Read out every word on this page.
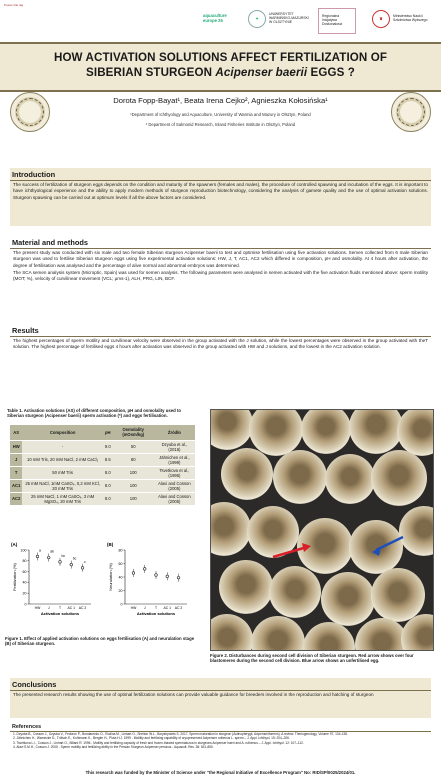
Poster title tag
aquaculture europe 25	✦
UNIWERSYTET WARMIŃSKO-MAZURSKI W OLSZTYNIE
Regionalna Inicjatywa Doskonałości
♛	Ministerstwo Nauki i Szkolnictwa Wyższego
HOW ACTIVATION SOLUTIONS AFFECT FERTILIZATION OF
SIBERIAN STURGEON Acipenser baerii EGGS ?
Dorota Fopp-Bayat¹, Beata Irena Cejko², Agnieszka Kołosińska¹
¹Department of Ichthyology and Aquaculture, University of Warmia and Mazury in Olsztyn, Poland
² Department of Salmonid Research, Inland Fisheries Institute in Olsztyn, Poland
Introduction
The success of fertilization of sturgeon eggs depends on the condition and maturity of the spawners (females and males), the procedure of controlled spawning and incubation of the eggs. It is important to have ichthyological experience and the ability to apply modern methods of sturgeon reproduction biotechnology, considering the analysis of gamete quality and the use of optimal activation solutions. Sturgeon spawning can be carried out at optimum levels if all the above factors are considered.
Material and methods
The present study was conducted with six male and two female Siberian sturgeon Acipenser baerii to test and optimise fertilisation using five activation solutions. Semen collected from 6 male Siberian sturgeon was used to fertilise Siberian sturgeon eggs using five experimental activation solutions: HW, J, T, AC1, AC2 which differed in composition, pH and osmolality. At 4 hours after activation, the degree of fertilisation was analysed and the percentage of alive normal and abnormal embryos was determined.
The SCA semen analysis system (Microptic, Spain) was used for semen analysis. The following parameters were analysed in semen activated with the five activation fluids mentioned above: sperm motility (MOT; %), velocity of curvilinear movement (VCL; μms-1), ALH, PRG, LIN, BCF.
Results
The highest percentages of sperm motility and curvilinear velocity were observed in the group activated with the J solution, while the lowest percentages were observed in the group activated with theT solution. The highest percentage of fertilised eggs 4 hours after activation was observed in the group activated with HW and J solutions, and the lowest in the AC2 activation solution.
Table 1. Activation solutions (AS) of different composition, pH and osmolality used to Siberian sturgeon (Acipenser baerii) sperm activation (*) and eggs fertilisation.
AS	Composition	pH	Osmolality (mOsm/kg)	Źródło
HW	-	9.0	50	Dzyuba et al., (2016)
J	10 mM Tris, 20 mM NaCl, 2 mM CaCl₂	8.5	80	Jähnichen et al., (1999)
T	50 mM Tris	8.0	100	Tsvetkova et al., (1996)
AC1	25 mM NaCl, 1mM CaSO₄, 0,2 mM KCl, 20 mM Tris	8.0	100	Alavi and Cosson (2005)
AC2	25 mM NaCl, 1 mM CaSO₄, 3 mM MgSO₄, 20 mM Tris	8.0	100	Alavi and Cosson (2005)
(A)
0
20
40
60
80
100
Fertilization (%)
HW
a
J
ab
T
bc
AC 1
bc
AC 2
c
Activation solutions
(B)
0
20
40
60
80
Neurulation (%)
HW J	T AC 1 AC 2
Activation solutions
Figure 1. Effect of applied activation solutions on eggs fertilisation (A) and neurulation stage (B) of Siberian sturgeon.
Figure 2. Disturbances during second cell division of Siberian sturgeon. Red arrow shows over four blastomeres during the second cell division. Blue arrow shows an unfertilised egg.
Conclusions
The presented research results showing the use of optimal fertilization solutions can provide valuable guidance for breeders involved in the reproduction and hatching of sturgeon
References
1. Dzyuba B., Cosson J., Dzyuba V., Fedorov P., Bondarenko O., Rodina M., Linhart O., Shelton W.L., Boryshpolets S. 2017. Sperm maturation in sturgeon (Actinopterygii, Acipenseriformes): A review. Theriogenology, Volume 97, 134-138.
2. Jähnichen H., Warnecke D., Trölsch E., Kohlmann K., Bergler H., Pluta H.J. 1999 - Motility and fertilizing capability of cryopreserved Acipenser ruthenus L. sperm – J. Appl. Ichthyol. 15: 204–206.
3. Tsvetkova L.I., Cosson J., Linhart O., Billard R. 1996 - Motility and fertilizing capacity of fresh and frozen-thawed spermatozoa in sturgeons Acipenser baeri and A. ruthenus – J. Appl. Ichthyol. 12: 107–112.
4. Alavi S.M.H., Cosson J. 2005 - Sperm motility and fertilizing ability in the Persian Sturgeon Acipenser persicus - Aquacult. Res. 36: 841-850.
This research was funded by the Minister of Science under "the Regional Initiative of Excellence Program" No: RID/SP/0025/2024/01.
